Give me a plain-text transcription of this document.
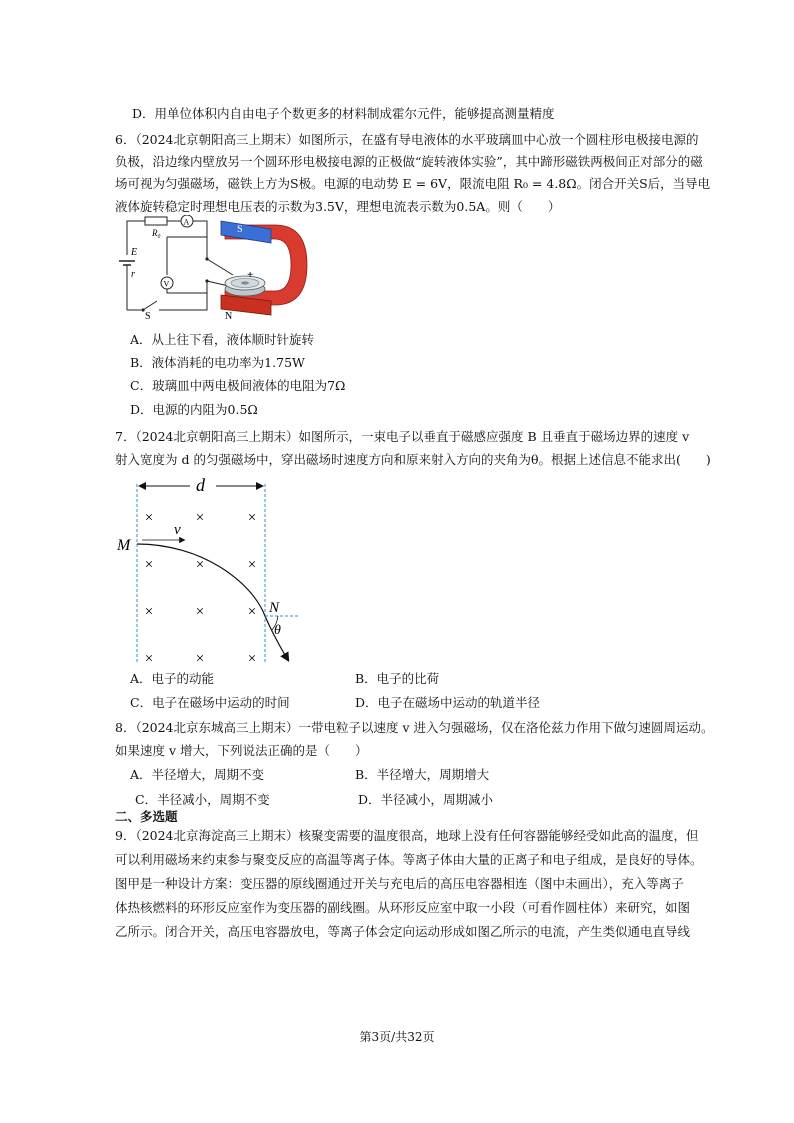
D．用单位体积内自由电子个数更多的材料制成霍尔元件，能够提高测量精度
6．（2024北京朝阳高三上期末）如图所示，在盛有导电液体的水平玻璃皿中心放一个圆柱形电极接电源的
负极，沿边缘内壁放另一个圆环形电极接电源的正极做“旋转液体实验”，其中蹄形磁铁两极间正对部分的磁
场可视为匀强磁场，磁铁上方为S极。电源的电动势 E = 6V，限流电阻 R₀ = 4.8Ω。闭合开关S后，当导电
液体旋转稳定时理想电压表的示数为3.5V，理想电流表示数为0.5A。则（　　）
R₀
A
V
E
r
S
S
N
+
A．从上往下看，液体顺时针旋转
B．液体消耗的电功率为1.75W
C．玻璃皿中两电极间液体的电阻为7Ω
D．电源的内阻为0.5Ω
7．（2024北京朝阳高三上期末）如图所示，一束电子以垂直于磁感应强度 B 且垂直于磁场边界的速度 v
射入宽度为 d 的匀强磁场中，穿出磁场时速度方向和原来射入方向的夹角为θ。根据上述信息不能求出(　　)
×	×	×
×	×	×
×	×	×
×	×	×
d
v
M
N
θ
A．电子的动能	B．电子的比荷
C．电子在磁场中运动的时间	D．电子在磁场中运动的轨道半径
8．（2024北京东城高三上期末）一带电粒子以速度 v 进入匀强磁场，仅在洛伦兹力作用下做匀速圆周运动。
如果速度 v 增大，下列说法正确的是（　　）
A．半径增大，周期不变	B．半径增大，周期增大
C．半径减小，周期不变	D．半径减小，周期减小
二、多选题
9．（2024北京海淀高三上期末）核聚变需要的温度很高，地球上没有任何容器能够经受如此高的温度，但
可以利用磁场来约束参与聚变反应的高温等离子体。等离子体由大量的正离子和电子组成，是良好的导体。
图甲是一种设计方案：变压器的原线圈通过开关与充电后的高压电容器相连（图中未画出），充入等离子
体热核燃料的环形反应室作为变压器的副线圈。从环形反应室中取一小段（可看作圆柱体）来研究，如图
乙所示。闭合开关，高压电容器放电，等离子体会定向运动形成如图乙所示的电流，产生类似通电直导线
第3页/共32页
